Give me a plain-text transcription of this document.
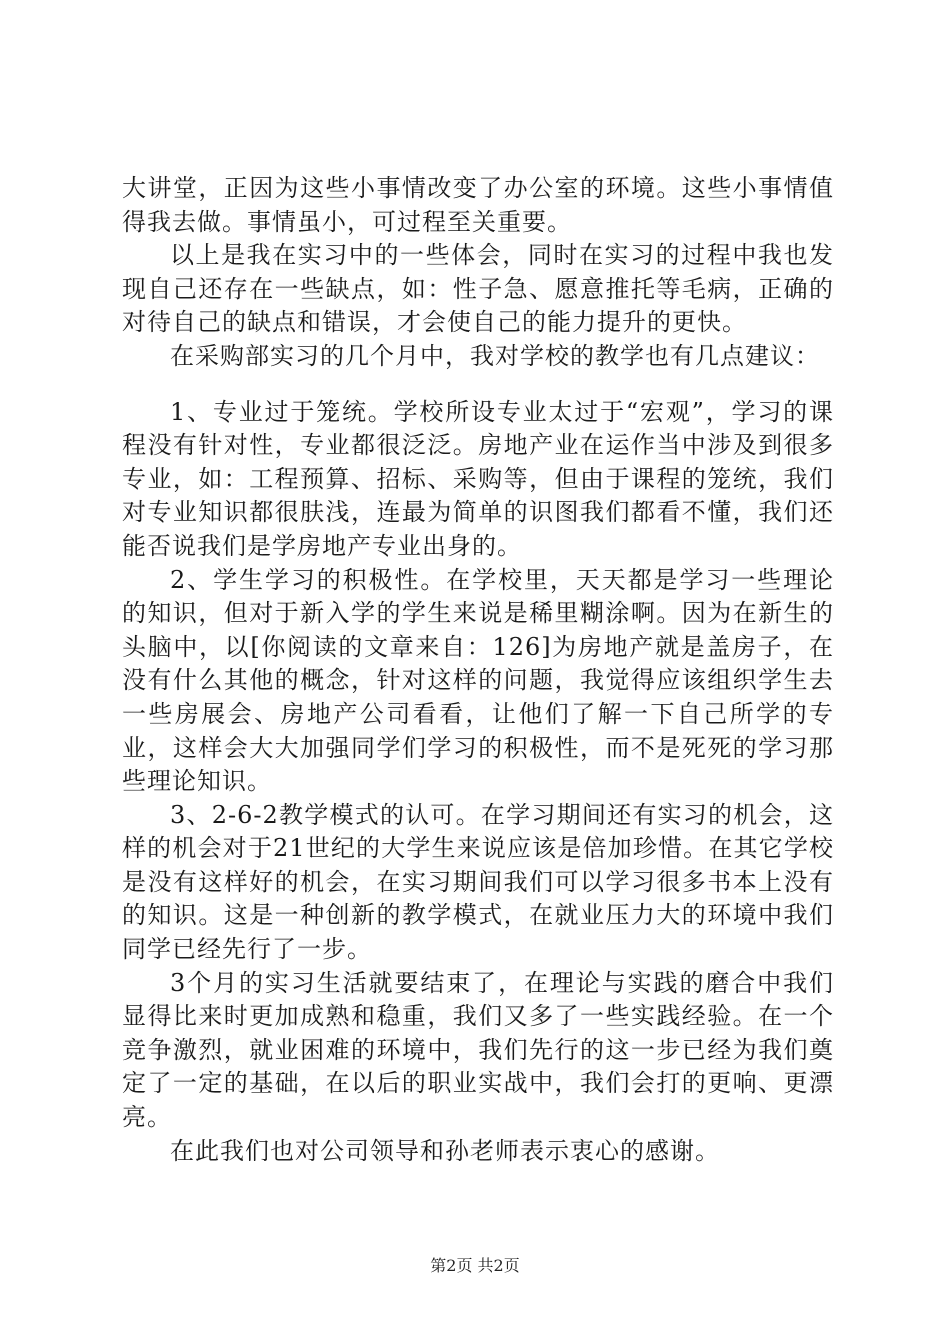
大讲堂，正因为这些小事情改变了办公室的环境。这些小事情值得我去做。事情虽小，可过程至关重要。

以上是我在实习中的一些体会，同时在实习的过程中我也发现自己还存在一些缺点，如：性子急、愿意推托等毛病，正确的对待自己的缺点和错误，才会使自己的能力提升的更快。

在采购部实习的几个月中，我对学校的教学也有几点建议：

1、专业过于笼统。学校所设专业太过于“宏观”，学习的课程没有针对性，专业都很泛泛。房地产业在运作当中涉及到很多专业，如：工程预算、招标、采购等，但由于课程的笼统，我们对专业知识都很肤浅，连最为简单的识图我们都看不懂，我们还能否说我们是学房地产专业出身的。

2、学生学习的积极性。在学校里，天天都是学习一些理论的知识，但对于新入学的学生来说是稀里糊涂啊。因为在新生的头脑中，以[你阅读的文章来自：126]为房地产就是盖房子，在没有什么其他的概念，针对这样的问题，我觉得应该组织学生去一些房展会、房地产公司看看，让他们了解一下自己所学的专业，这样会大大加强同学们学习的积极性，而不是死死的学习那些理论知识。

3、2-6-2教学模式的认可。在学习期间还有实习的机会，这样的机会对于21世纪的大学生来说应该是倍加珍惜。在其它学校是没有这样好的机会，在实习期间我们可以学习很多书本上没有的知识。这是一种创新的教学模式，在就业压力大的环境中我们同学已经先行了一步。

3个月的实习生活就要结束了，在理论与实践的磨合中我们显得比来时更加成熟和稳重，我们又多了一些实践经验。在一个竞争激烈，就业困难的环境中，我们先行的这一步已经为我们奠定了一定的基础，在以后的职业实战中，我们会打的更响、更漂亮。

在此我们也对公司领导和孙老师表示衷心的感谢。

第2页 共2页
